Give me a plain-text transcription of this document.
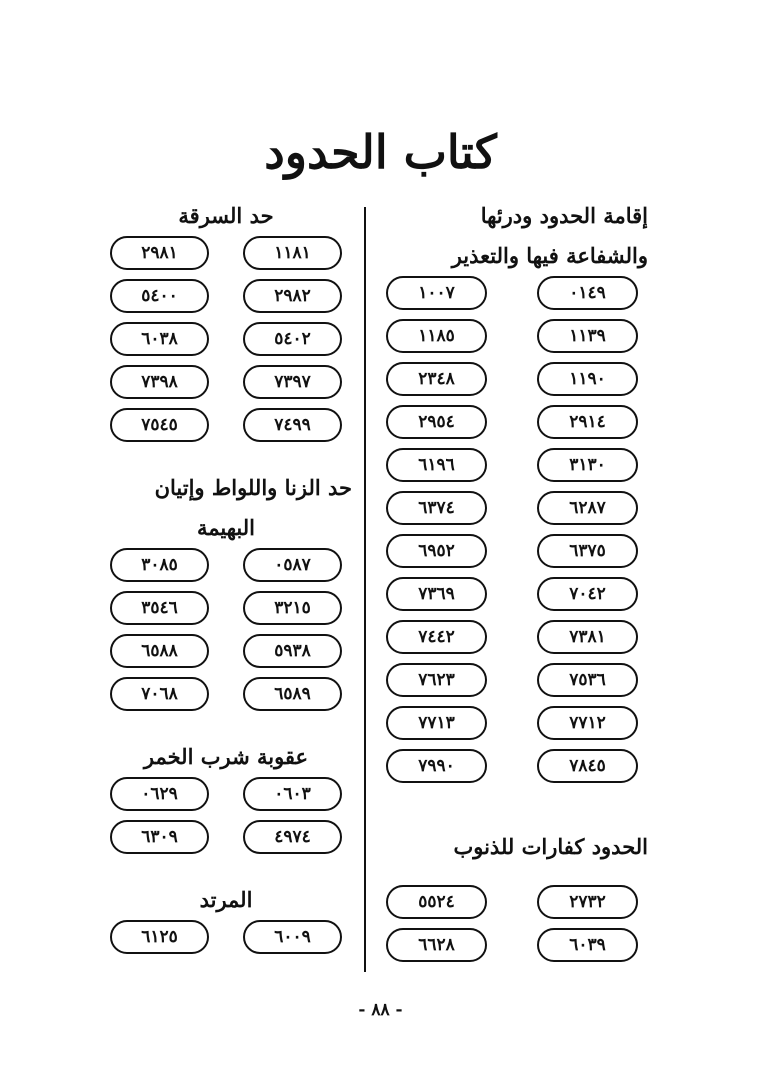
كتاب الحدود
إقامة الحدود ودرئها
والشفاعة فيها والتعذير
٠١٤٩
١٠٠٧
١١٣٩
١١٨٥
١١٩٠
٢٣٤٨
٢٩١٤
٢٩٥٤
٣١٣٠
٦١٩٦
٦٢٨٧
٦٣٧٤
٦٣٧٥
٦٩٥٢
٧٠٤٢
٧٣٦٩
٧٣٨١
٧٤٤٢
٧٥٣٦
٧٦٢٣
٧٧١٢
٧٧١٣
٧٨٤٥
٧٩٩٠
الحدود كفارات للذنوب
٢٧٣٢
٥٥٢٤
٦٠٣٩
٦٦٢٨
حد السرقة
١١٨١
٢٩٨١
٢٩٨٢
٥٤٠٠
٥٤٠٢
٦٠٣٨
٧٣٩٧
٧٣٩٨
٧٤٩٩
٧٥٤٥
حد الزنا واللواط وإتيان
البهيمة
٠٥٨٧
٣٠٨٥
٣٢١٥
٣٥٤٦
٥٩٣٨
٦٥٨٨
٦٥٨٩
٧٠٦٨
عقوبة شرب الخمر
٠٦٠٣
٠٦٢٩
٤٩٧٤
٦٣٠٩
المرتد
٦٠٠٩
٦١٢٥
- ٨٨ -
